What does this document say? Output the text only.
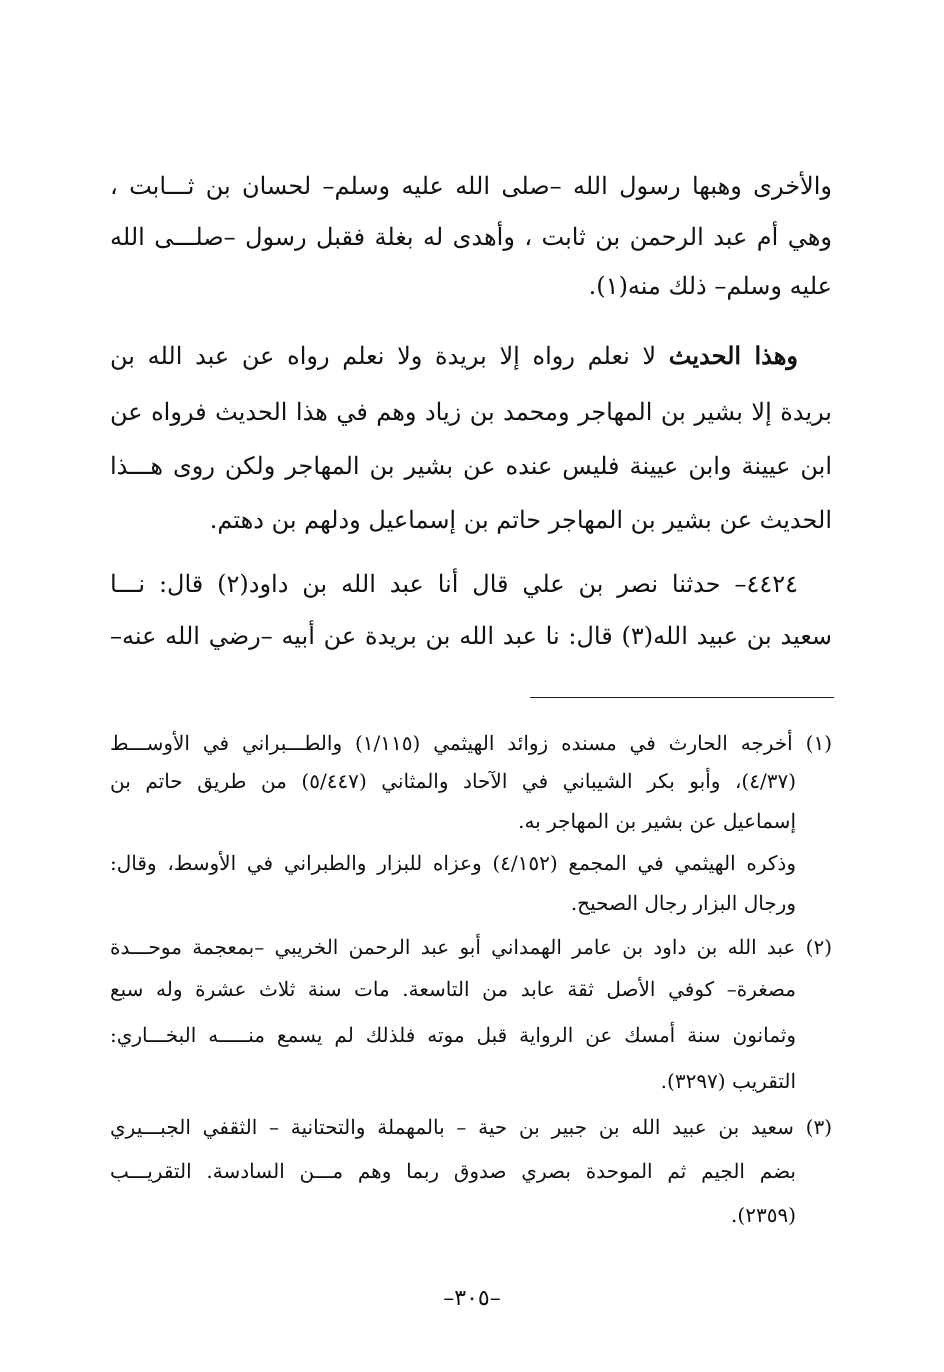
والأخرى وهبها رسول الله –صلى الله عليه وسلم– لحسان بن ثـــابت ،
وهي أم عبد الرحمن بن ثابت ، وأهدى له بغلة فقبل رسول –صلـــى الله
عليه وسلم– ذلك منه(١).
وهذا الحديث لا نعلم رواه إلا بريدة ولا نعلم رواه عن عبد الله بن
بريدة إلا بشير بن المهاجر ومحمد بن زياد وهم في هذا الحديث فرواه عن
ابن عيينة وابن عيينة فليس عنده عن بشير بن المهاجر ولكن روى هـــذا
الحديث عن بشير بن المهاجر حاتم بن إسماعيل ودلهم بن دهتم.
٤٤٢٤– حدثنا نصر بن علي قال أنا عبد الله بن داود(٢) قال: نـــا
سعيد بن عبيد الله(٣) قال: نا عبد الله بن بريدة عن أبيه –رضي الله عنه–
(١) أخرجه الحارث في مسنده زوائد الهيثمي (١/١١٥) والطـــبراني في الأوســـط
(٤/٣٧)، وأبو بكر الشيباني في الآحاد والمثاني (٥/٤٤٧) من طريق حاتم بن
إسماعيل عن بشير بن المهاجر به.
وذكره الهيثمي في المجمع (٤/١٥٢) وعزاه للبزار والطبراني في الأوسط، وقال:
ورجال البزار رجال الصحيح.
(٢) عبد الله بن داود بن عامر الهمداني أبو عبد الرحمن الخريبي –بمعجمة موحـــدة
مصغرة– كوفي الأصل ثقة عابد من التاسعة. مات سنة ثلاث عشرة وله سبع
وثمانون سنة أمسك عن الرواية قبل موته فلذلك لم يسمع منـــــه البخـــاري:
التقريب (٣٢٩٧).
(٣) سعيد بن عبيد الله بن جبير بن حية – بالمهملة والتحتانية – الثقفي الجبـــيري
بضم الجيم ثم الموحدة بصري صدوق ربما وهم مـــن السادسة. التقريـــب
(٢٣٥٩).
–٣٠٥–
